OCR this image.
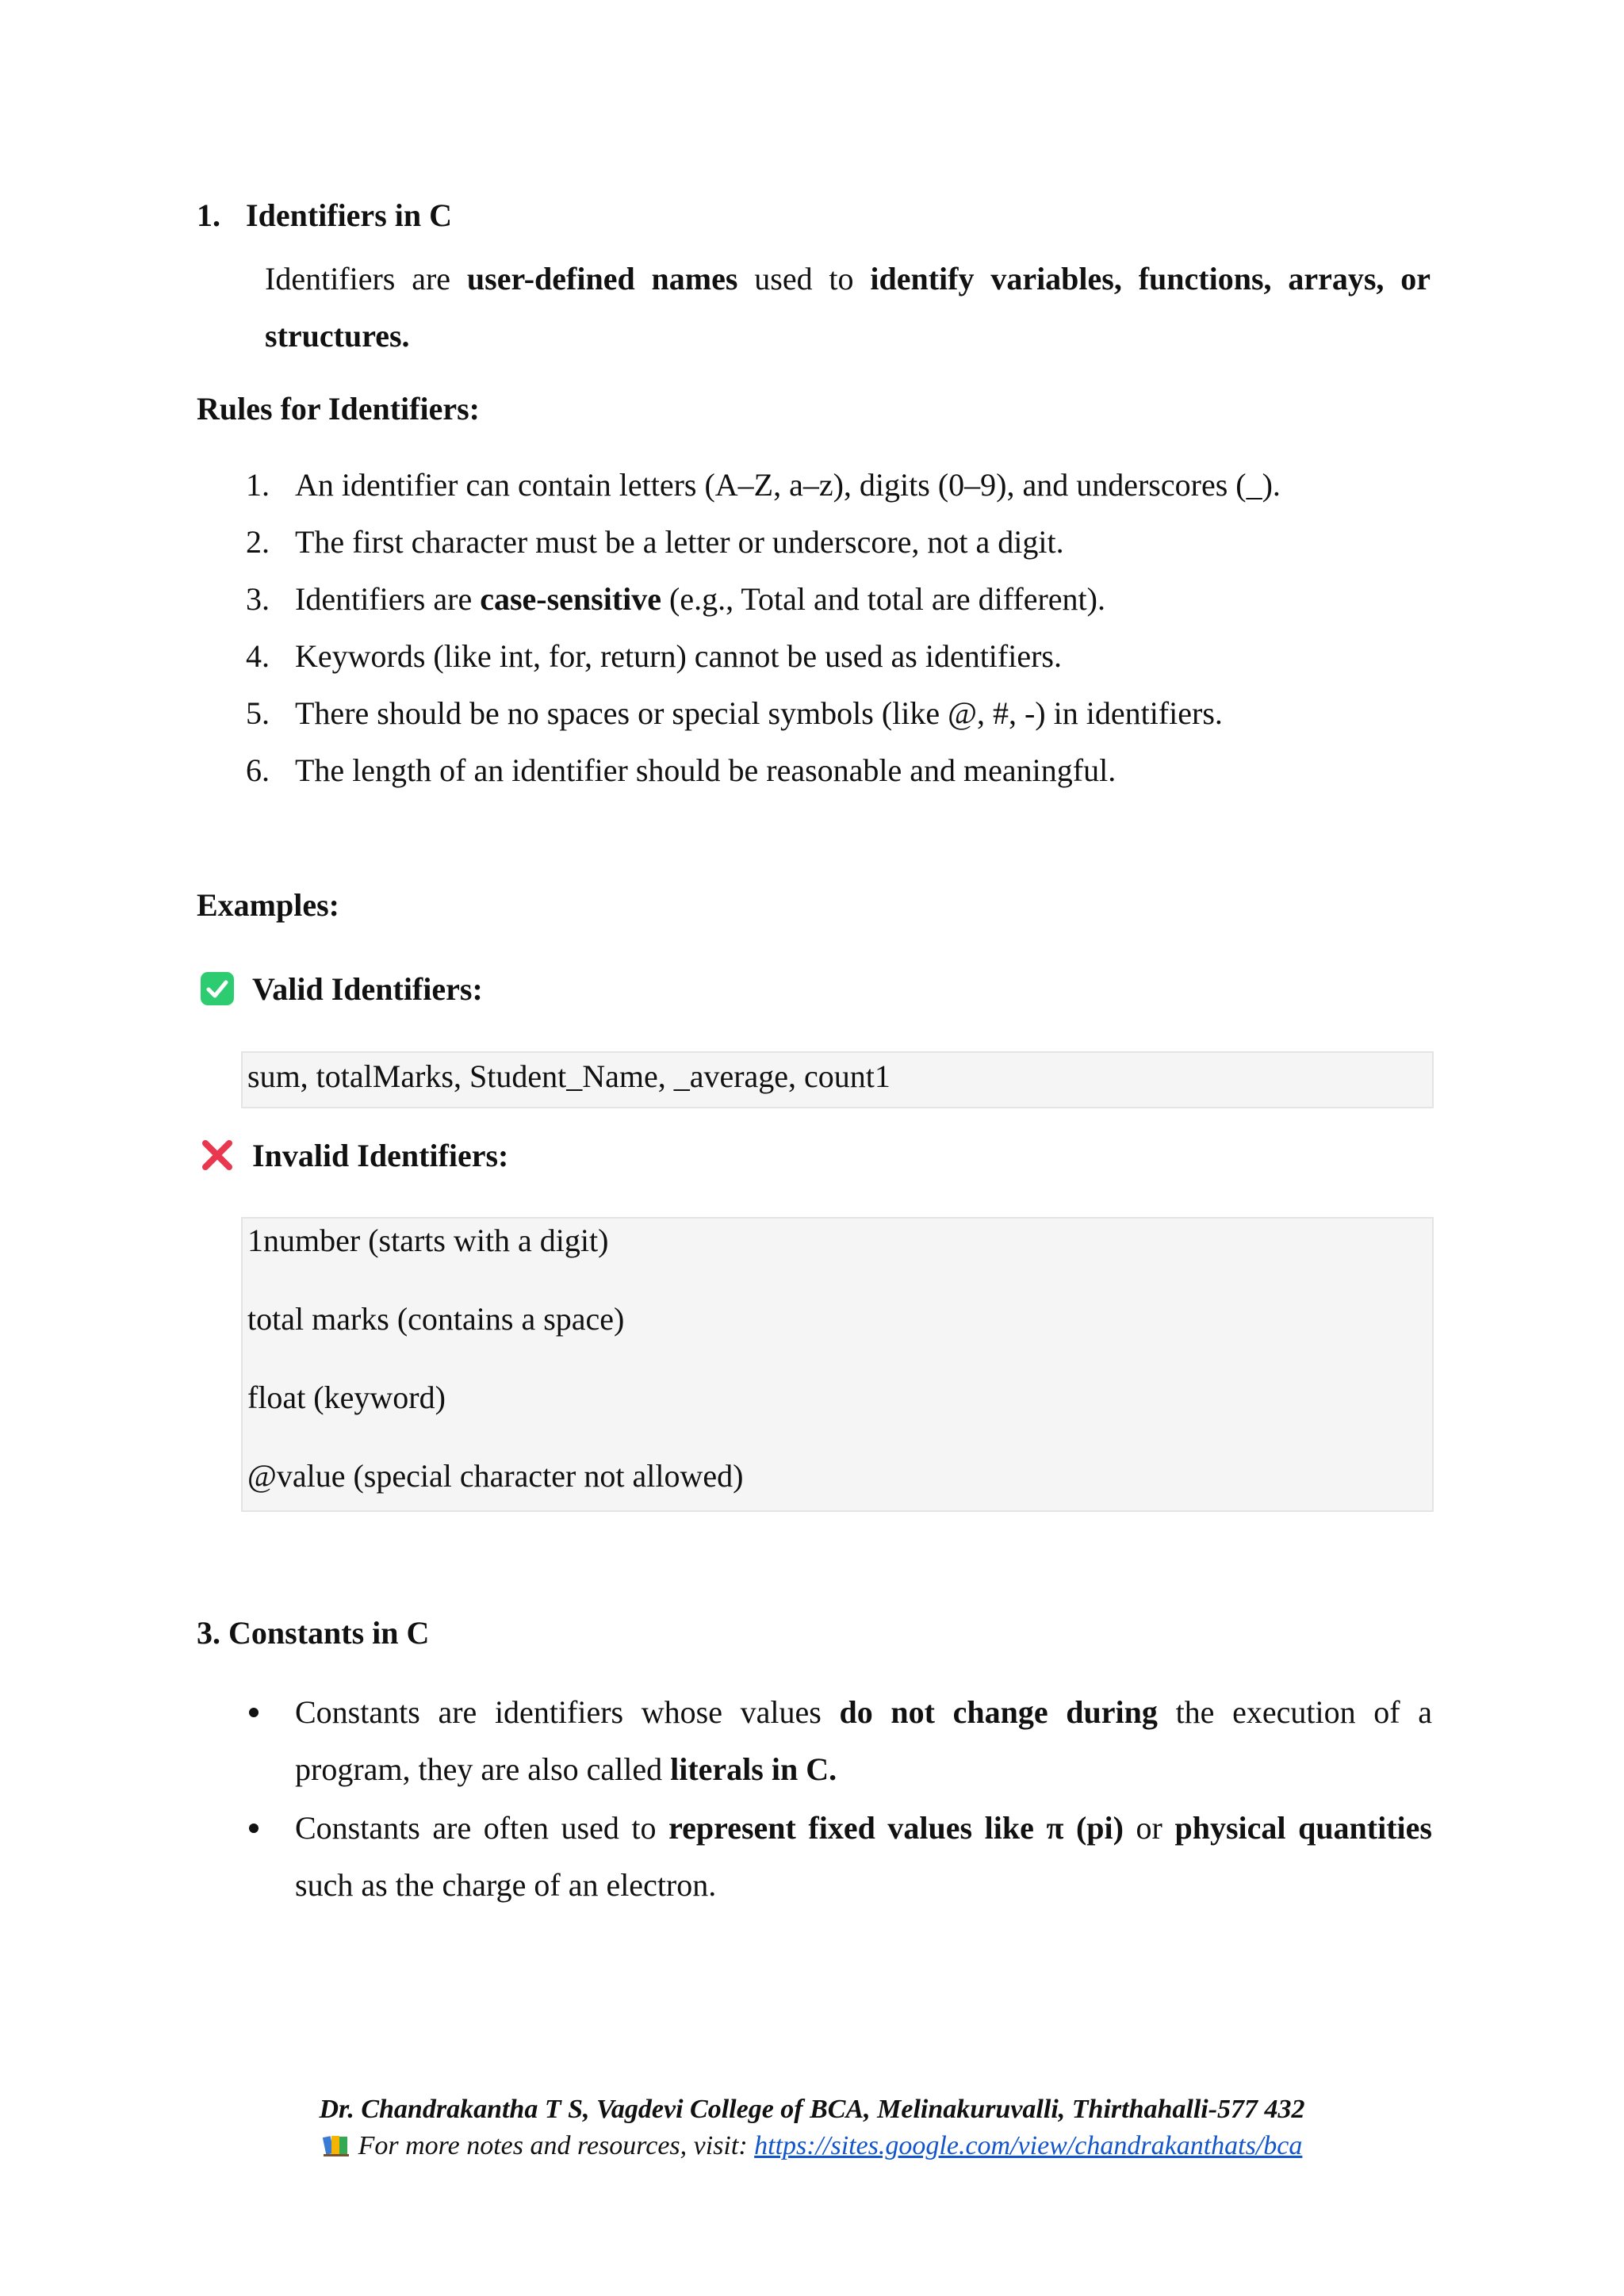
1. Identifiers in C
Identifiers are user-defined names used to identify variables, functions, arrays, or structures.
Rules for Identifiers:
1. An identifier can contain letters (A–Z, a–z), digits (0–9), and underscores (_).
2. The first character must be a letter or underscore, not a digit.
3. Identifiers are case-sensitive (e.g., Total and total are different).
4. Keywords (like int, for, return) cannot be used as identifiers.
5. There should be no spaces or special symbols (like @, #, -) in identifiers.
6. The length of an identifier should be reasonable and meaningful.
Examples:
Valid Identifiers:
sum, totalMarks, Student_Name, _average, count1
Invalid Identifiers:
1number (starts with a digit)
total marks (contains a space)
float (keyword)
@value (special character not allowed)
3. Constants in C
Constants are identifiers whose values do not change during the execution of a program, they are also called literals in C.
Constants are often used to represent fixed values like π (pi) or physical quantities such as the charge of an electron.
Dr. Chandrakantha T S, Vagdevi College of BCA, Melinakuruvalli, Thirthahalli-577 432
For more notes and resources, visit: https://sites.google.com/view/chandrakanthats/bca
